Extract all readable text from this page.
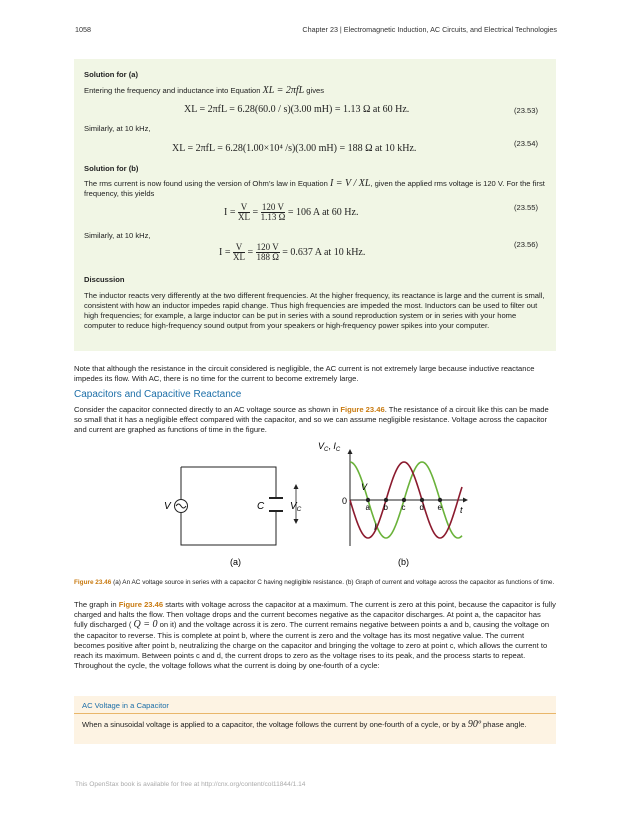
1058	Chapter 23 | Electromagnetic Induction, AC Circuits, and Electrical Technologies

Solution for (a)

Entering the frequency and inductance into Equation XL = 2πfL gives

XL = 2πfL = 6.28(60.0 / s)(3.00 mH) = 1.13 Ω at 60 Hz.	(23.53)

Similarly, at 10 kHz,

XL = 2πfL = 6.28(1.00×10⁴ /s)(3.00 mH) = 188 Ω at 10 kHz.	(23.54)

Solution for (b)

The rms current is now found using the version of Ohm’s law in Equation I = V / XL, given the applied rms voltage is 120 V. For the first frequency, this yields

$I = \frac{V}{XL} = \frac{120 V}{1.13 \Omega} = 106$ A at 60 Hz.	(23.55)

Similarly, at 10 kHz,

$I = \frac{V}{XL} = \frac{120 V}{188 \Omega} = 0.637$ A at 10 kHz.
(23.56)

Discussion

The inductor reacts very differently at the two different frequencies. At the higher frequency, its reactance is large and the current is small, consistent with how an inductor impedes rapid change. Thus high frequencies are impeded the most. Inductors can be used to filter out high frequencies; for example, a large inductor can be put in series with a sound reproduction system or in series with your home computer to reduce high-frequency sound output from your speakers or high-frequency power spikes into your computer.

Note that although the resistance in the circuit considered is negligible, the AC current is not extremely large because inductive reactance impedes its flow. With AC, there is no time for the current to become extremely large.

Capacitors and Capacitive Reactance

Consider the capacitor connected directly to an AC voltage source as shown in Figure 23.46. The resistance of a circuit like this can be made so small that it has a negligible effect compared with the capacitor, and so we can assume negligible resistance. Voltage across the capacitor and current are graphed as functions of time in the figure.

V	C	$V_C$	a b c d e
$V_C$, $I_C$
0
V
I
t
(a)	(b)

Figure 23.46 (a) An AC voltage source in series with a capacitor C having negligible resistance. (b) Graph of current and voltage across the capacitor as functions of time.

The graph in Figure 23.46 starts with voltage across the capacitor at a maximum. The current is zero at this point, because the capacitor is fully charged and halts the flow. Then voltage drops and the current becomes negative as the capacitor discharges. At point a, the capacitor has fully discharged ( Q = 0 on it) and the voltage across it is zero. The current remains negative between points a and b, causing the voltage on the capacitor to reverse. This is complete at point b, where the current is zero and the voltage has its most negative value. The current becomes positive after point b, neutralizing the charge on the capacitor and bringing the voltage to zero at point c, which allows the current to reach its maximum. Between points c and d, the current drops to zero as the voltage rises to its peak, and the process starts to repeat. Throughout the cycle, the voltage follows what the current is doing by one-fourth of a cycle:

AC Voltage in a Capacitor

When a sinusoidal voltage is applied to a capacitor, the voltage follows the current by one-fourth of a cycle, or by a 90º phase angle.

This OpenStax book is available for free at http://cnx.org/content/col11844/1.14
